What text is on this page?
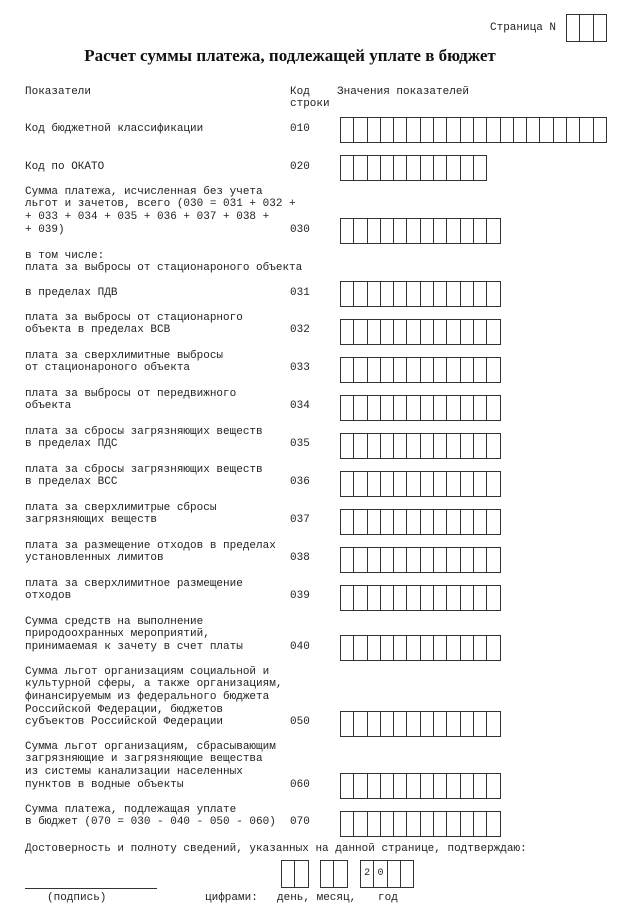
Страница N
Расчет суммы платежа, подлежащей уплате в бюджет
Показатели	Код
строки
Значения показателей
Код бюджетной классификации	010
Код по ОКАТО	020
Сумма платежа, исчисленная без учета
льгот и зачетов, всего (030 = 031 + 032 +
+ 033 + 034 + 035 + 036 + 037 + 038 +
+ 039)	030
в том числе:
плата за выбросы от стационароного объекта
в пределах ПДВ	031
плата за выбросы от стационарного
объекта в пределах ВСВ	032
плата за сверхлимитные выбросы
от стационароного объекта	033
плата за выбросы от передвижного
объекта	034
плата за сбросы загрязняющих веществ
в пределах ПДС	035
плата за сбросы загрязняющих веществ
в пределах ВСС	036
плата за сверхлимитрые сбросы
загрязняющих веществ	037
плата за размещение отходов в пределах
установленных лимитов	038
плата за сверхлимитное размещение
отходов	039
Сумма средств на выполнение
природоохранных мероприятий,
принимаемая к зачету в счет платы	040
Сумма льгот организациям социальной и
культурной сферы, а также организациям,
финансируемым из федерального бюджета
Российской Федерации, бюджетов
субъектов Российской Федерации	050
Сумма льгот организациям, сбрасывающим
загрязняющие и загрязняющие вещества
из системы канализации населенных
пунктов в водные объекты	060
Сумма платежа, подлежащая уплате
в бюджет (070 = 030 - 040 - 050 - 060) 070
Достоверность и полноту сведений, указанных на данной странице, подтверждаю:
2 0
(подпись)	цифрами: день, месяц, год
